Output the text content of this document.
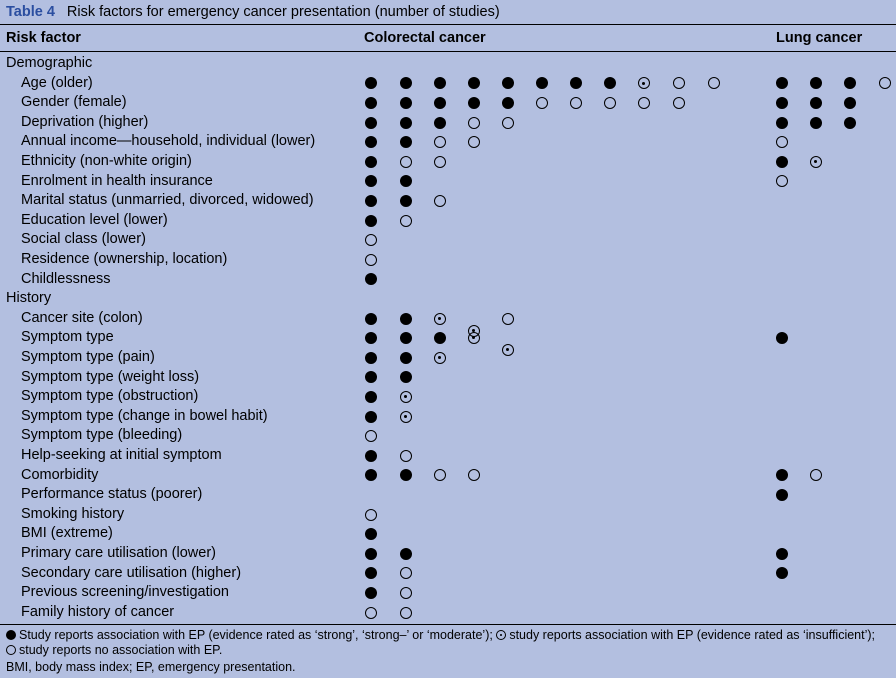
Table 4 Risk factors for emergency cancer presentation (number of studies)
Risk factor	Colorectal cancer	Lung cancer
Demographic
Age (older)
Gender (female)
Deprivation (higher)
Annual income—household, individual (lower)
Ethnicity (non-white origin)
Enrolment in health insurance
Marital status (unmarried, divorced, widowed)
Education level (lower)
Social class (lower)
Residence (ownership, location)
Childlessness
History
Cancer site (colon)
Symptom type
Symptom type (pain)
Symptom type (weight loss)
Symptom type (obstruction)
Symptom type (change in bowel habit)
Symptom type (bleeding)
Help-seeking at initial symptom
Comorbidity
Performance status (poorer)
Smoking history
BMI (extreme)
Primary care utilisation (lower)
Secondary care utilisation (higher)
Previous screening/investigation
Family history of cancer
Study reports association with EP (evidence rated as ‘strong’, ‘strong–’ or ‘moderate’); study reports association with EP (evidence rated as ‘insufficient’); study reports no association with EP.
BMI, body mass index; EP, emergency presentation.
